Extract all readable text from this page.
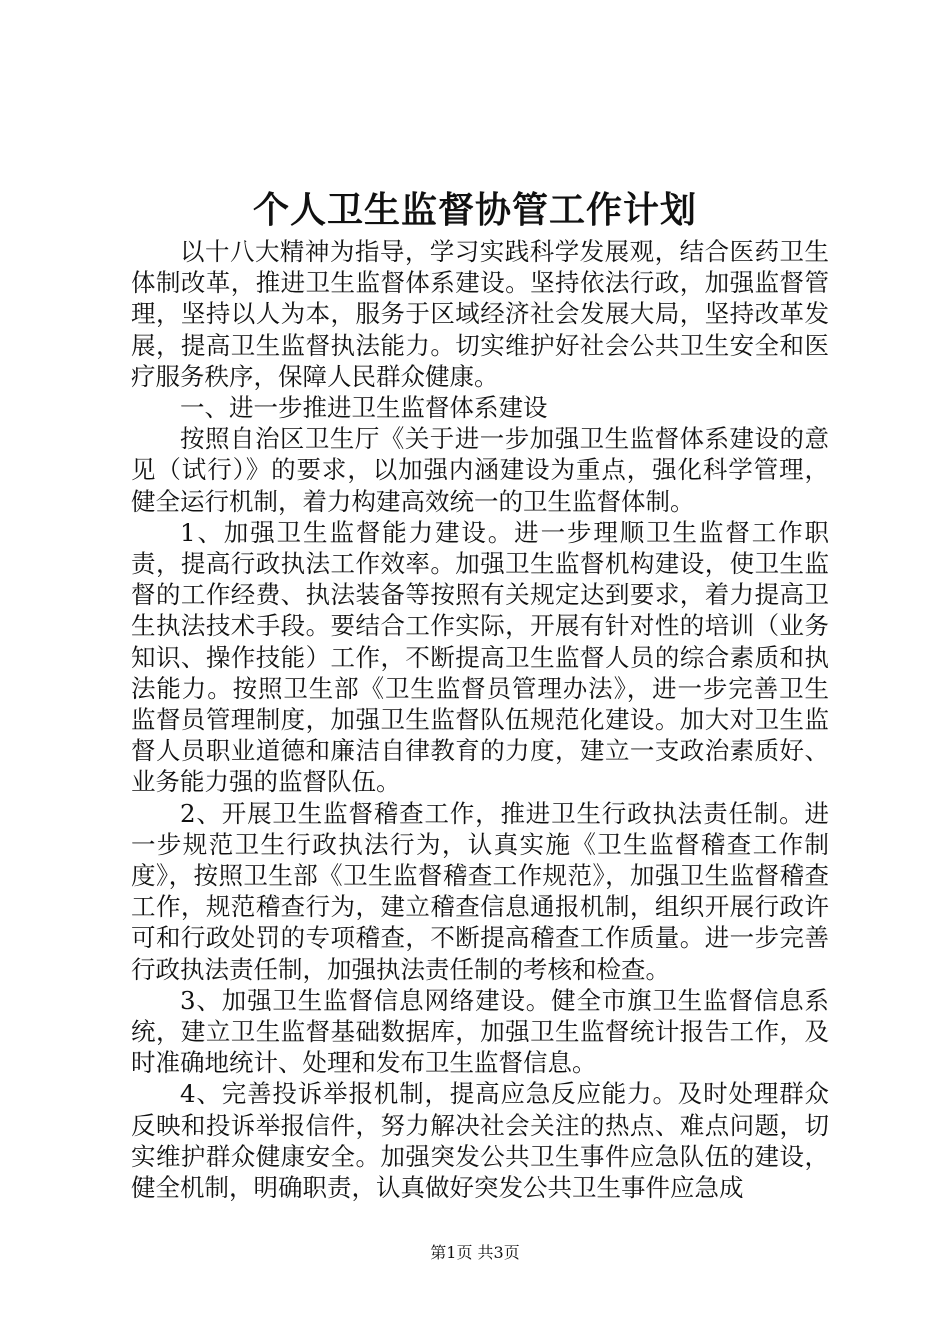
个人卫生监督协管工作计划

以十八大精神为指导，学习实践科学发展观，结合医药卫生体制改革，推进卫生监督体系建设。坚持依法行政，加强监督管理，坚持以人为本，服务于区域经济社会发展大局，坚持改革发展，提高卫生监督执法能力。切实维护好社会公共卫生安全和医疗服务秩序，保障人民群众健康。

一、进一步推进卫生监督体系建设

按照自治区卫生厅《关于进一步加强卫生监督体系建设的意见（试行）》的要求，以加强内涵建设为重点，强化科学管理，健全运行机制，着力构建高效统一的卫生监督体制。

1、加强卫生监督能力建设。进一步理顺卫生监督工作职责，提高行政执法工作效率。加强卫生监督机构建设，使卫生监督的工作经费、执法装备等按照有关规定达到要求，着力提高卫生执法技术手段。要结合工作实际，开展有针对性的培训（业务知识、操作技能）工作，不断提高卫生监督人员的综合素质和执法能力。按照卫生部《卫生监督员管理办法》，进一步完善卫生监督员管理制度，加强卫生监督队伍规范化建设。加大对卫生监督人员职业道德和廉洁自律教育的力度，建立一支政治素质好、业务能力强的监督队伍。

2、开展卫生监督稽查工作，推进卫生行政执法责任制。进一步规范卫生行政执法行为，认真实施《卫生监督稽查工作制度》，按照卫生部《卫生监督稽查工作规范》，加强卫生监督稽查工作，规范稽查行为，建立稽查信息通报机制，组织开展行政许可和行政处罚的专项稽查，不断提高稽查工作质量。进一步完善行政执法责任制，加强执法责任制的考核和检查。

3、加强卫生监督信息网络建设。健全市旗卫生监督信息系统，建立卫生监督基础数据库，加强卫生监督统计报告工作，及时准确地统计、处理和发布卫生监督信息。

4、完善投诉举报机制，提高应急反应能力。及时处理群众反映和投诉举报信件，努力解决社会关注的热点、难点问题，切实维护群众健康安全。加强突发公共卫生事件应急队伍的建设，健全机制，明确职责，认真做好突发公共卫生事件应急成

第1页 共3页
